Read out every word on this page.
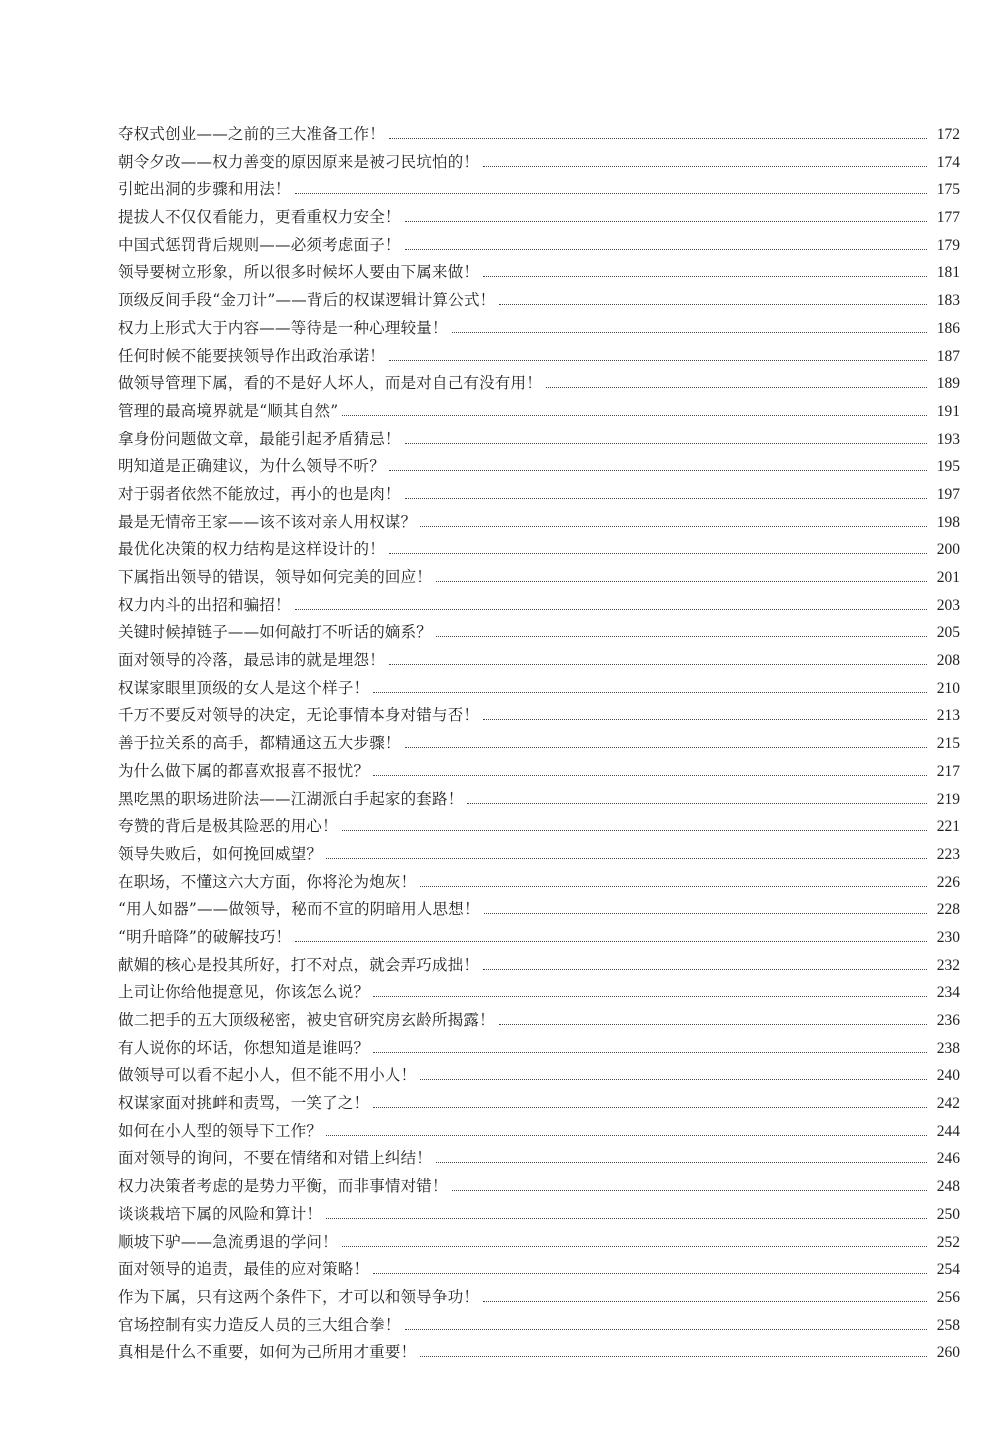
夺权式创业——之前的三大准备工作！	172
朝令夕改——权力善变的原因原来是被刁民坑怕的！	174
引蛇出洞的步骤和用法！	175
提拔人不仅仅看能力，更看重权力安全！	177
中国式惩罚背后规则——必须考虑面子！	179
领导要树立形象，所以很多时候坏人要由下属来做！	181
顶级反间手段“金刀计”——背后的权谋逻辑计算公式！	183
权力上形式大于内容——等待是一种心理较量！	186
任何时候不能要挟领导作出政治承诺！	187
做领导管理下属，看的不是好人坏人，而是对自己有没有用！	189
管理的最高境界就是“顺其自然”	191
拿身份问题做文章，最能引起矛盾猜忌！	193
明知道是正确建议，为什么领导不听？	195
对于弱者依然不能放过，再小的也是肉！	197
最是无情帝王家——该不该对亲人用权谋？	198
最优化决策的权力结构是这样设计的！	200
下属指出领导的错误，领导如何完美的回应！	201
权力内斗的出招和骗招！	203
关键时候掉链子——如何敲打不听话的嫡系？	205
面对领导的冷落，最忌讳的就是埋怨！	208
权谋家眼里顶级的女人是这个样子！	210
千万不要反对领导的决定，无论事情本身对错与否！	213
善于拉关系的高手，都精通这五大步骤！	215
为什么做下属的都喜欢报喜不报忧？	217
黑吃黑的职场进阶法——江湖派白手起家的套路！	219
夸赞的背后是极其险恶的用心！	221
领导失败后，如何挽回威望？	223
在职场，不懂这六大方面，你将沦为炮灰！	226
“用人如器”——做领导，秘而不宣的阴暗用人思想！	228
“明升暗降”的破解技巧！	230
献媚的核心是投其所好，打不对点，就会弄巧成拙！	232
上司让你给他提意见，你该怎么说？	234
做二把手的五大顶级秘密，被史官研究房玄龄所揭露！	236
有人说你的坏话，你想知道是谁吗？	238
做领导可以看不起小人，但不能不用小人！	240
权谋家面对挑衅和责骂，一笑了之！	242
如何在小人型的领导下工作？	244
面对领导的询问，不要在情绪和对错上纠结！	246
权力决策者考虑的是势力平衡，而非事情对错！	248
谈谈栽培下属的风险和算计！	250
顺坡下驴——急流勇退的学问！	252
面对领导的追责，最佳的应对策略！	254
作为下属，只有这两个条件下，才可以和领导争功！	256
官场控制有实力造反人员的三大组合拳！	258
真相是什么不重要，如何为己所用才重要！	260
